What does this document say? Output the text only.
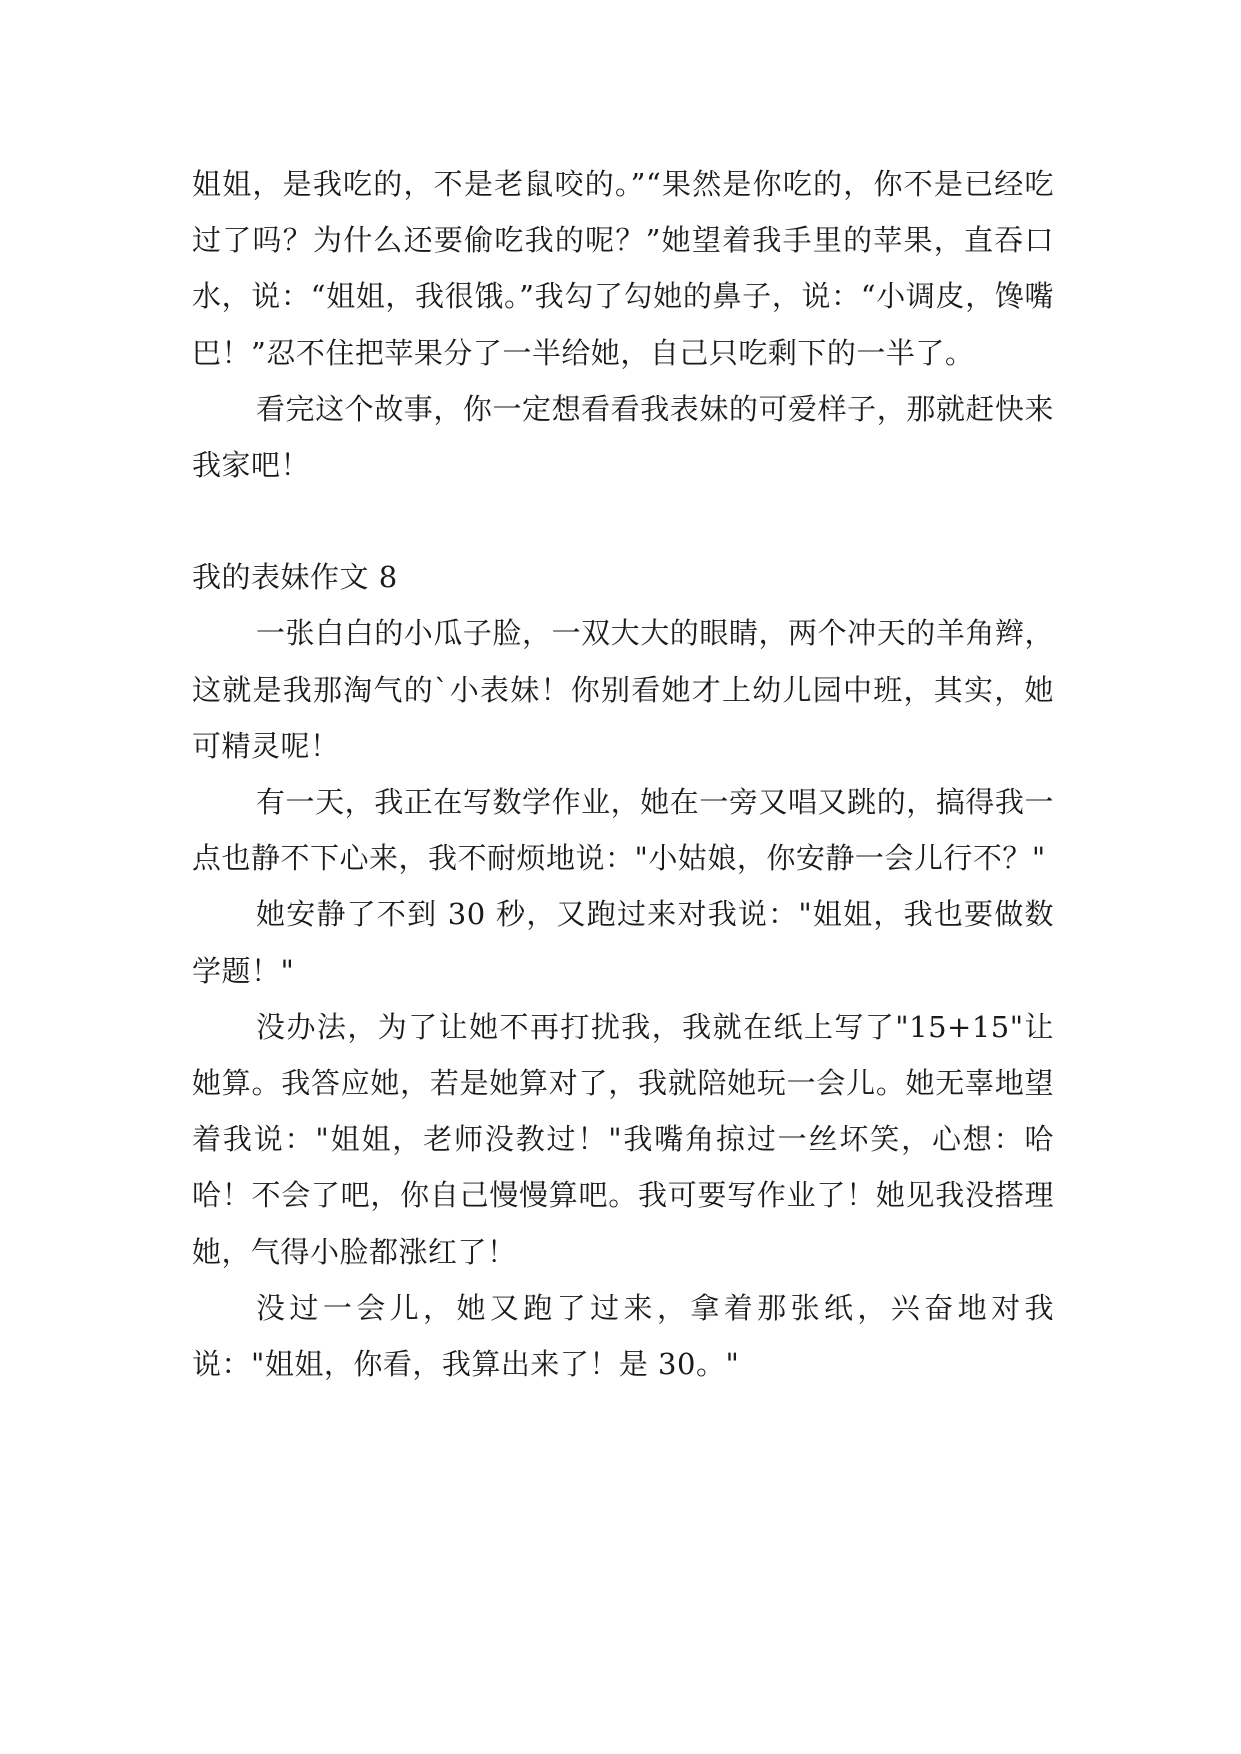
姐姐，是我吃的，不是老鼠咬的。”“果然是你吃的，你不是已经吃过了吗？为什么还要偷吃我的呢？”她望着我手里的苹果，直吞口水，说：“姐姐，我很饿。”我勾了勾她的鼻子，说：“小调皮，馋嘴巴！”忍不住把苹果分了一半给她，自己只吃剩下的一半了。

看完这个故事，你一定想看看我表妹的可爱样子，那就赶快来我家吧！

我的表妹作文 8

一张白白的小瓜子脸，一双大大的眼睛，两个冲天的羊角辫，这就是我那淘气的`小表妹！你别看她才上幼儿园中班，其实，她可精灵呢！

有一天，我正在写数学作业，她在一旁又唱又跳的，搞得我一点也静不下心来，我不耐烦地说："小姑娘，你安静一会儿行不？"

她安静了不到 30 秒，又跑过来对我说："姐姐，我也要做数学题！"

没办法，为了让她不再打扰我，我就在纸上写了"15+15"让她算。我答应她，若是她算对了，我就陪她玩一会儿。她无辜地望着我说："姐姐，老师没教过！"我嘴角掠过一丝坏笑，心想：哈哈！不会了吧，你自己慢慢算吧。我可要写作业了！她见我没搭理她，气得小脸都涨红了！

没过一会儿，她又跑了过来，拿着那张纸，兴奋地对我说："姐姐，你看，我算出来了！是 30。"
